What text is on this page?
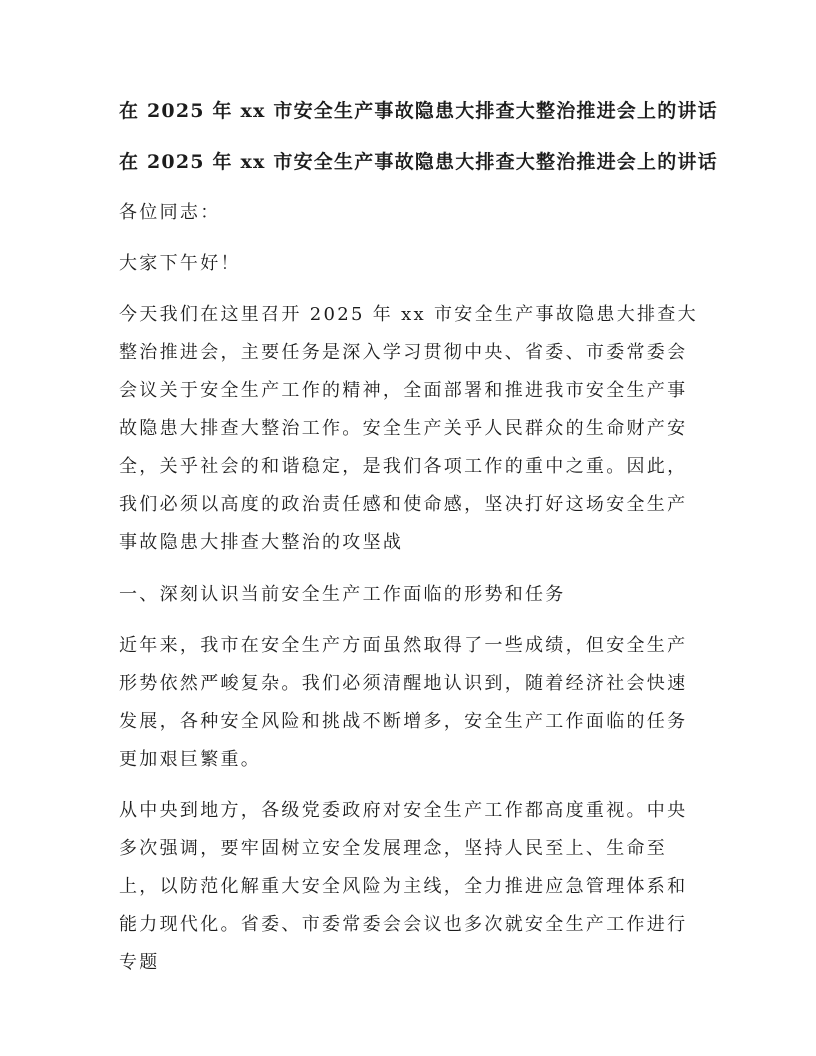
在 2025 年 xx 市安全生产事故隐患大排查大整治推进会上的讲话
在 2025 年 xx 市安全生产事故隐患大排查大整治推进会上的讲话

各位同志：

大家下午好！

今天我们在这里召开 2025 年 xx 市安全生产事故隐患大排查大整治推进会，主要任务是深入学习贯彻中央、省委、市委常委会会议关于安全生产工作的精神，全面部署和推进我市安全生产事故隐患大排查大整治工作。安全生产关乎人民群众的生命财产安全，关乎社会的和谐稳定，是我们各项工作的重中之重。因此，我们必须以高度的政治责任感和使命感，坚决打好这场安全生产事故隐患大排查大整治的攻坚战

一、深刻认识当前安全生产工作面临的形势和任务

近年来，我市在安全生产方面虽然取得了一些成绩，但安全生产形势依然严峻复杂。我们必须清醒地认识到，随着经济社会快速发展，各种安全风险和挑战不断增多，安全生产工作面临的任务更加艰巨繁重。

从中央到地方，各级党委政府对安全生产工作都高度重视。中央多次强调，要牢固树立安全发展理念，坚持人民至上、生命至上，以防范化解重大安全风险为主线，全力推进应急管理体系和能力现代化。省委、市委常委会会议也多次就安全生产工作进行专题
